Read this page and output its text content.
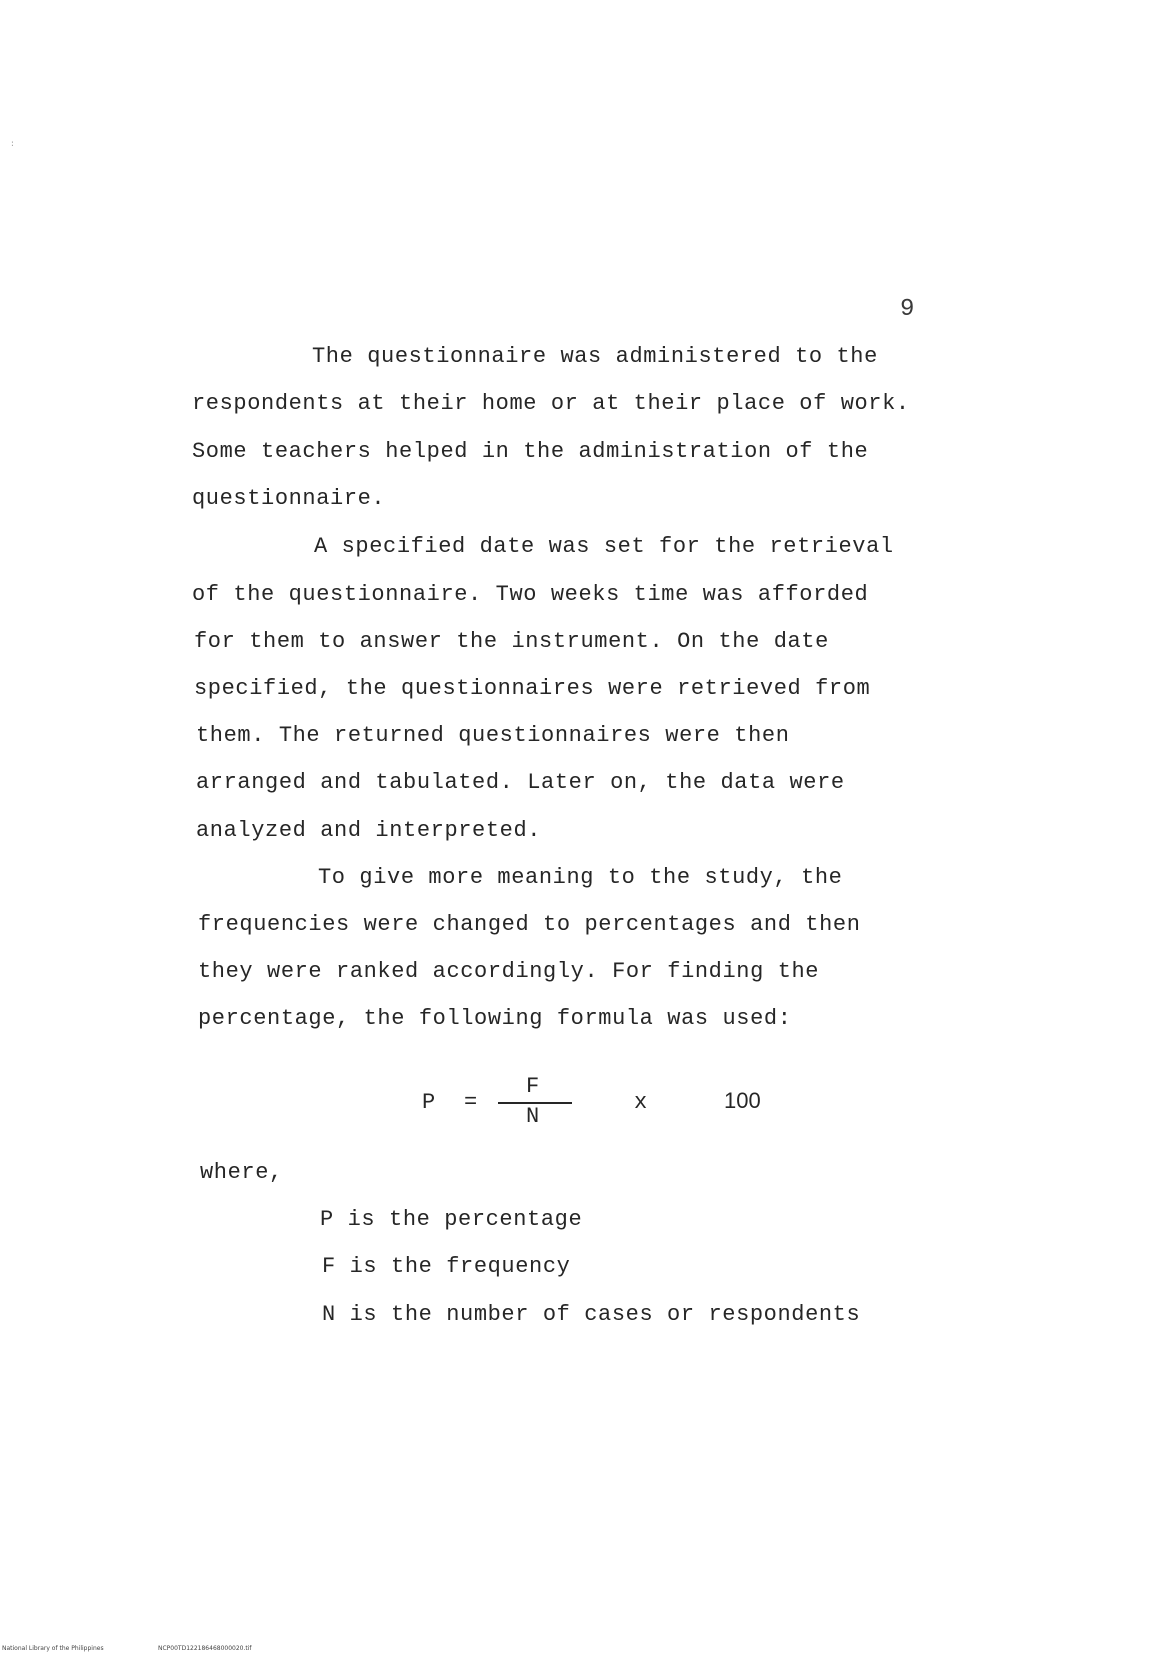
:
9
The questionnaire was administered to the
respondents at their home or at their place of work.
Some teachers helped in the administration of the
questionnaire.
A specified date was set for the retrieval
of the questionnaire. Two weeks time was afforded
for them to answer the instrument. On the date
specified, the questionnaires were retrieved from
them. The returned questionnaires were then
arranged and tabulated. Later on, the data were
analyzed and interpreted.
To give more meaning to the study, the
frequencies were changed to percentages and then
they were ranked accordingly. For finding the
percentage, the following formula was used:
P =
F
N
x	100
where,
P is the percentage
F is the frequency
N is the number of cases or respondents
National Library of the Philippines	NCP00TD122186468000020.tif
